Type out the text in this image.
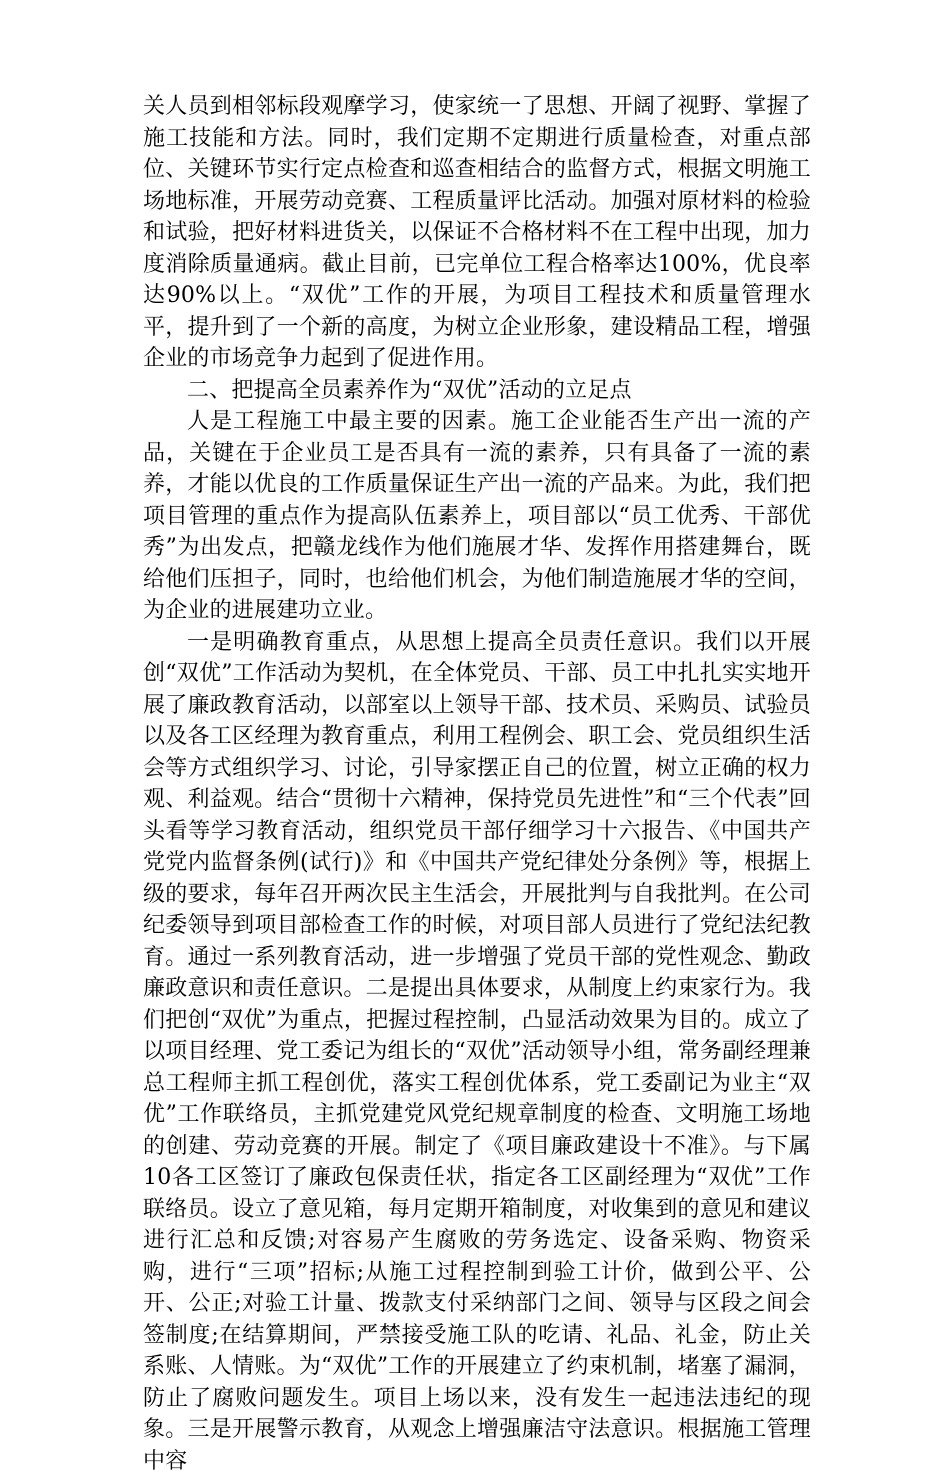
关人员到相邻标段观摩学习，使家统一了思想、开阔了视野、掌握了施工技能和方法。同时，我们定期不定期进行质量检查，对重点部位、关键环节实行定点检查和巡查相结合的监督方式，根据文明施工场地标准，开展劳动竞赛、工程质量评比活动。加强对原材料的检验和试验，把好材料进货关，以保证不合格材料不在工程中出现，加力度消除质量通病。截止目前，已完单位工程合格率达100%，优良率达90%以上。“双优”工作的开展，为项目工程技术和质量管理水平，提升到了一个新的高度，为树立企业形象，建设精品工程，增强企业的市场竞争力起到了促进作用。

二、把提高全员素养作为“双优”活动的立足点

人是工程施工中最主要的因素。施工企业能否生产出一流的产品，关键在于企业员工是否具有一流的素养，只有具备了一流的素养，才能以优良的工作质量保证生产出一流的产品来。为此，我们把项目管理的重点作为提高队伍素养上，项目部以“员工优秀、干部优秀”为出发点，把赣龙线作为他们施展才华、发挥作用搭建舞台，既给他们压担子，同时，也给他们机会，为他们制造施展才华的空间，为企业的进展建功立业。

一是明确教育重点，从思想上提高全员责任意识。我们以开展创“双优”工作活动为契机，在全体党员、干部、员工中扎扎实实地开展了廉政教育活动，以部室以上领导干部、技术员、采购员、试验员以及各工区经理为教育重点，利用工程例会、职工会、党员组织生活会等方式组织学习、讨论，引导家摆正自己的位置，树立正确的权力观、利益观。结合“贯彻十六精神，保持党员先进性”和“三个代表”回头看等学习教育活动，组织党员干部仔细学习十六报告、《中国共产党党内监督条例(试行)》和《中国共产党纪律处分条例》等，根据上级的要求，每年召开两次民主生活会，开展批判与自我批判。在公司纪委领导到项目部检查工作的时候，对项目部人员进行了党纪法纪教育。通过一系列教育活动，进一步增强了党员干部的党性观念、勤政廉政意识和责任意识。二是提出具体要求，从制度上约束家行为。我们把创“双优”为重点，把握过程控制，凸显活动效果为目的。成立了以项目经理、党工委记为组长的“双优”活动领导小组，常务副经理兼总工程师主抓工程创优，落实工程创优体系，党工委副记为业主“双优”工作联络员，主抓党建党风党纪规章制度的检查、文明施工场地的创建、劳动竞赛的开展。制定了《项目廉政建设十不准》。与下属10各工区签订了廉政包保责任状，指定各工区副经理为“双优”工作联络员。设立了意见箱，每月定期开箱制度，对收集到的意见和建议进行汇总和反馈;对容易产生腐败的劳务选定、设备采购、物资采购，进行“三项”招标;从施工过程控制到验工计价，做到公平、公开、公正;对验工计量、拨款支付采纳部门之间、领导与区段之间会签制度;在结算期间，严禁接受施工队的吃请、礼品、礼金，防止关系账、人情账。为“双优”工作的开展建立了约束机制，堵塞了漏洞，防止了腐败问题发生。项目上场以来，没有发生一起违法违纪的现象。三是开展警示教育，从观念上增强廉洁守法意识。根据施工管理中容
